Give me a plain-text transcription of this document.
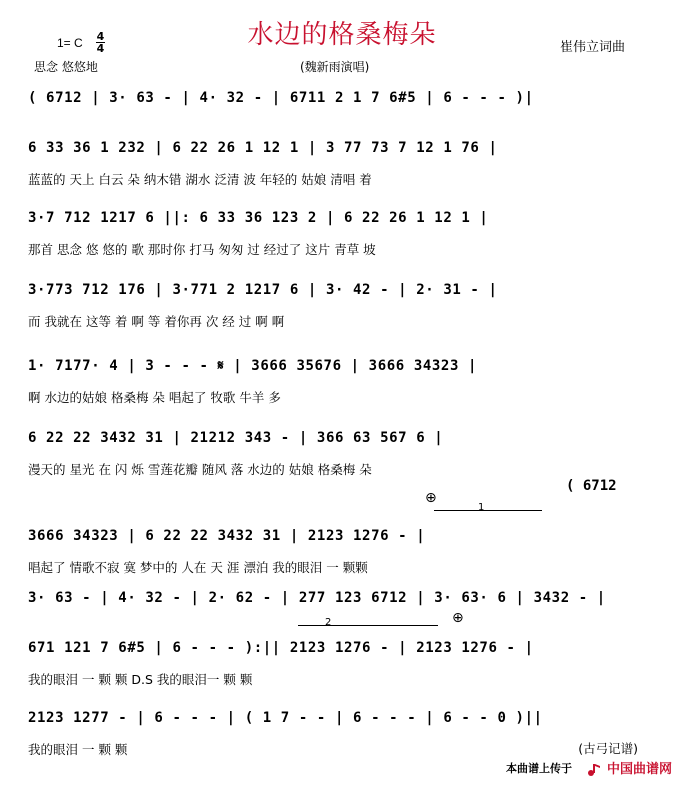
水边的格桑梅朵
1= C 4
4
思念 悠悠地	(魏新雨演唱)
崔伟立词曲
( 6712 | 3· 63 - | 4· 32 - | 6711 2 1 7 6#5 | 6 - - - )|
6 33 36 1 232 | 6 22 26 1 12 1 | 3 77 73 7 12 1 76 |
蓝蓝的 天上 白云 朵 纳木错 湖水 泛清 波 年轻的 姑娘 清唱 着
3·7 712 1217 6 ||: 6 33 36 123 2 | 6 22 26 1 12 1 |
那首 思念 悠 悠的 歌 那时你 打马 匆匆 过 经过了 这片 青草 坡
3·773 712 176 | 3·771 2 1217 6 | 3· 42 - | 2· 31 - |
而 我就在 这等 着 啊 等 着你再 次 经 过 啊 啊
1· 7177· 4 | 3 - - - 𝄋 | 3666 35676 | 3666 34323 |
啊 水边的姑娘 格桑梅 朵 唱起了 牧歌 牛羊 多
6 22 22 3432 31 | 21212 343 - | 366 63 567 6 |
漫天的 星光 在 闪 烁 雪莲花瓣 随风 落 水边的 姑娘 格桑梅 朵
( 6712
⊕
1
3666 34323 | 6 22 22 3432 31 | 2123 1276 - |
唱起了 情歌不寂 寞 梦中的 人在 天 涯 漂泊 我的眼泪 一 颗颗
3· 63 - | 4· 32 - | 2· 62 - | 277 123 6712 | 3· 63· 6 | 3432 - |
2	⊕
671 121 7 6#5 | 6 - - - ):|| 2123 1276 - | 2123 1276 - |
我的眼泪 一 颗 颗 D.S 我的眼泪一 颗 颗
2123 1277 - | 6 - - - | ( 1 7 - - | 6 - - - | 6 - - 0 )||
我的眼泪 一 颗 颗	(古弓记谱)
本曲谱上传于	中国曲谱网
